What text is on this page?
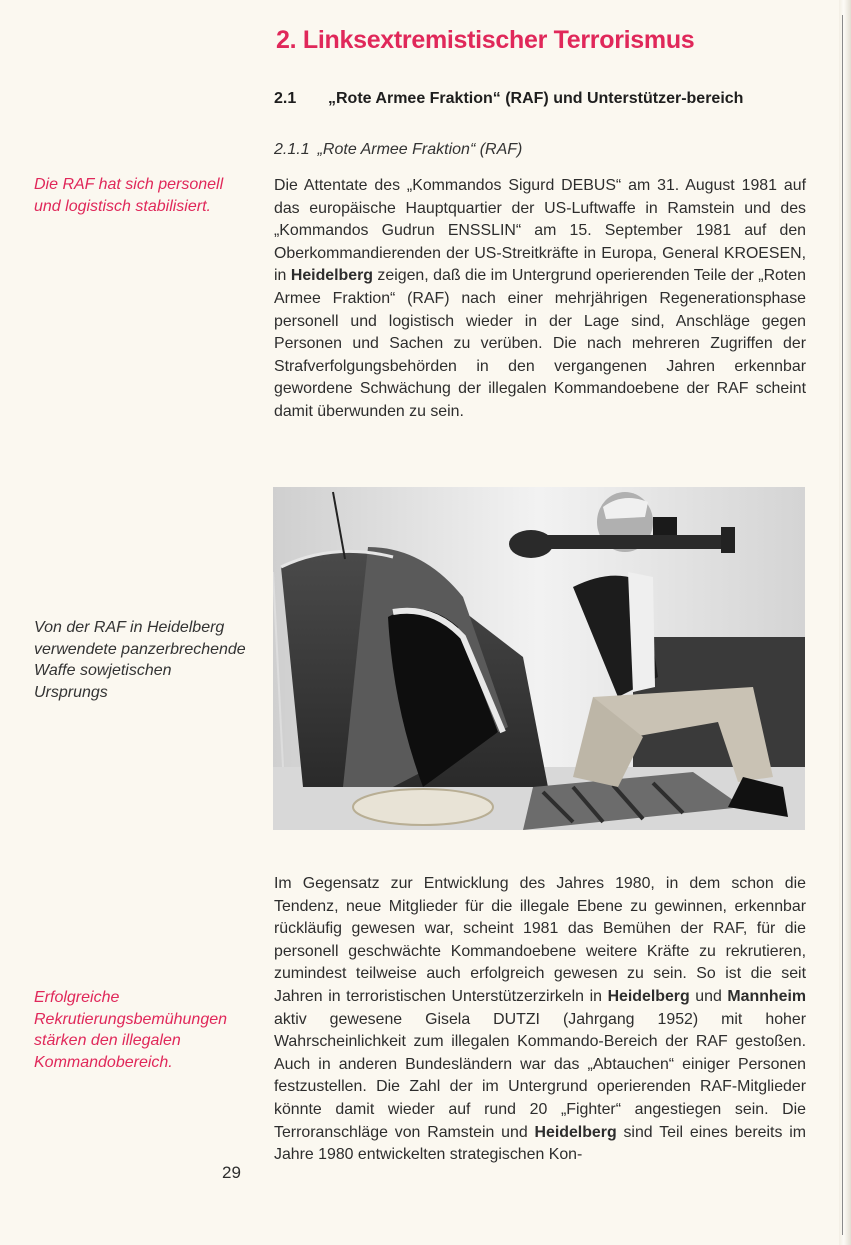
2. Linksextremistischer Terrorismus
2.1 „Rote Armee Fraktion“ (RAF) und Unterstützer-bereich
2.1.1 „Rote Armee Fraktion“ (RAF)

Die Attentate des „Kommandos Sigurd DEBUS“ am 31. August 1981 auf das europäische Hauptquartier der US-Luftwaffe in Ramstein und des „Kommandos Gudrun ENSSLIN“ am 15. September 1981 auf den Oberkommandierenden der US-Streitkräfte in Europa, General KROESEN, in Heidelberg zeigen, daß die im Untergrund operierenden Teile der „Roten Armee Fraktion“ (RAF) nach einer mehrjährigen Regenerationsphase personell und logistisch wieder in der Lage sind, Anschläge gegen Personen und Sachen zu verüben. Die nach mehreren Zugriffen der Strafverfolgungsbehörden in den vergangenen Jahren erkennbar gewordene Schwächung der illegalen Kommandoebene der RAF scheint damit überwunden zu sein.

Die RAF hat sich personell und logistisch stabilisiert.

Von der RAF in Heidelberg verwendete panzerbrechende Waffe sowjetischen Ursprungs

Erfolgreiche Rekrutierungsbemühungen stärken den illegalen Kommandobereich.

Im Gegensatz zur Entwicklung des Jahres 1980, in dem schon die Tendenz, neue Mitglieder für die illegale Ebene zu gewinnen, erkennbar rückläufig gewesen war, scheint 1981 das Bemühen der RAF, für die personell geschwächte Kommandoebene weitere Kräfte zu rekrutieren, zumindest teilweise auch erfolgreich gewesen zu sein. So ist die seit Jahren in terroristischen Unterstützerzirkeln in Heidelberg und Mannheim aktiv gewesene Gisela DUTZI (Jahrgang 1952) mit hoher Wahrscheinlichkeit zum illegalen Kommando-Bereich der RAF gestoßen. Auch in anderen Bundesländern war das „Abtauchen“ einiger Personen festzustellen. Die Zahl der im Untergrund operierenden RAF-Mitglieder könnte damit wieder auf rund 20 „Fighter“ angestiegen sein. Die Terroranschläge von Ramstein und Heidelberg sind Teil eines bereits im Jahre 1980 entwickelten strategischen Kon-

29
